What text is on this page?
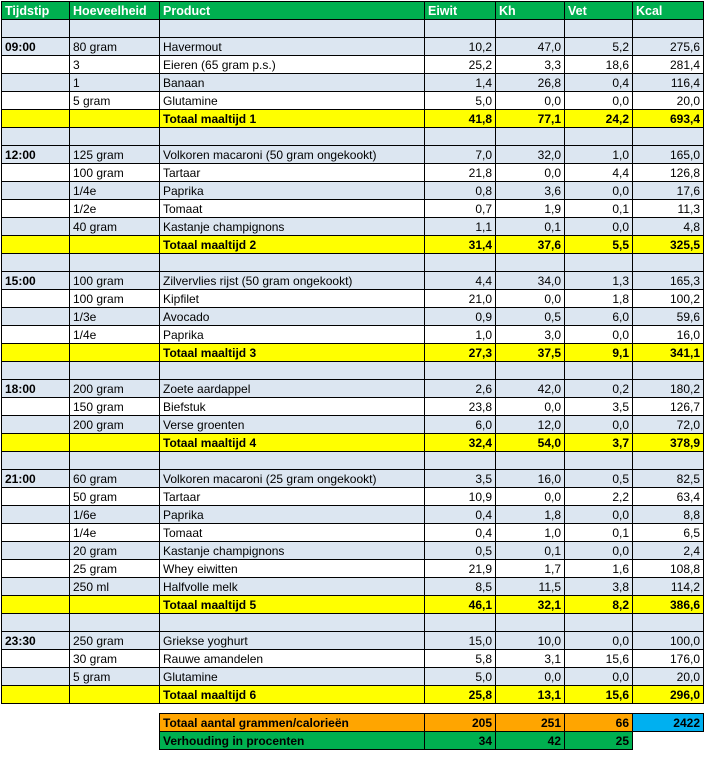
Tijdstip	Hoeveelheid	Product	Eiwit	Kh	Vet	Kcal

09:00	80 gram	Havermout	10,2	47,0	5,2	275,6
	3	Eieren (65 gram p.s.)	25,2	3,3	18,6	281,4
	1	Banaan	1,4	26,8	0,4	116,4
	5 gram	Glutamine	5,0	0,0	0,0	20,0
		Totaal maaltijd 1	41,8	77,1	24,2	693,4

12:00	125 gram	Volkoren macaroni (50 gram ongekookt)	7,0	32,0	1,0	165,0
	100 gram	Tartaar	21,8	0,0	4,4	126,8
	1/4e	Paprika	0,8	3,6	0,0	17,6
	1/2e	Tomaat	0,7	1,9	0,1	11,3
	40 gram	Kastanje champignons	1,1	0,1	0,0	4,8
		Totaal maaltijd 2	31,4	37,6	5,5	325,5

15:00	100 gram	Zilvervlies rijst (50 gram ongekookt)	4,4	34,0	1,3	165,3
	100 gram	Kipfilet	21,0	0,0	1,8	100,2
	1/3e	Avocado	0,9	0,5	6,0	59,6
	1/4e	Paprika	1,0	3,0	0,0	16,0
		Totaal maaltijd 3	27,3	37,5	9,1	341,1

18:00	200 gram	Zoete aardappel	2,6	42,0	0,2	180,2
	150 gram	Biefstuk	23,8	0,0	3,5	126,7
	200 gram	Verse groenten	6,0	12,0	0,0	72,0
		Totaal maaltijd 4	32,4	54,0	3,7	378,9

21:00	60 gram	Volkoren macaroni (25 gram ongekookt)	3,5	16,0	0,5	82,5
	50 gram	Tartaar	10,9	0,0	2,2	63,4
	1/6e	Paprika	0,4	1,8	0,0	8,8
	1/4e	Tomaat	0,4	1,0	0,1	6,5
	20 gram	Kastanje champignons	0,5	0,1	0,0	2,4
	25 gram	Whey eiwitten	21,9	1,7	1,6	108,8
	250 ml	Halfvolle melk	8,5	11,5	3,8	114,2
		Totaal maaltijd 5	46,1	32,1	8,2	386,6

23:30	250 gram	Griekse yoghurt	15,0	10,0	0,0	100,0
	30 gram	Rauwe amandelen	5,8	3,1	15,6	176,0
	5 gram	Glutamine	5,0	0,0	0,0	20,0
		Totaal maaltijd 6	25,8	13,1	15,6	296,0

		Totaal aantal grammen/calorieën	205	251	66	2422
		Verhouding in procenten	34	42	25	
